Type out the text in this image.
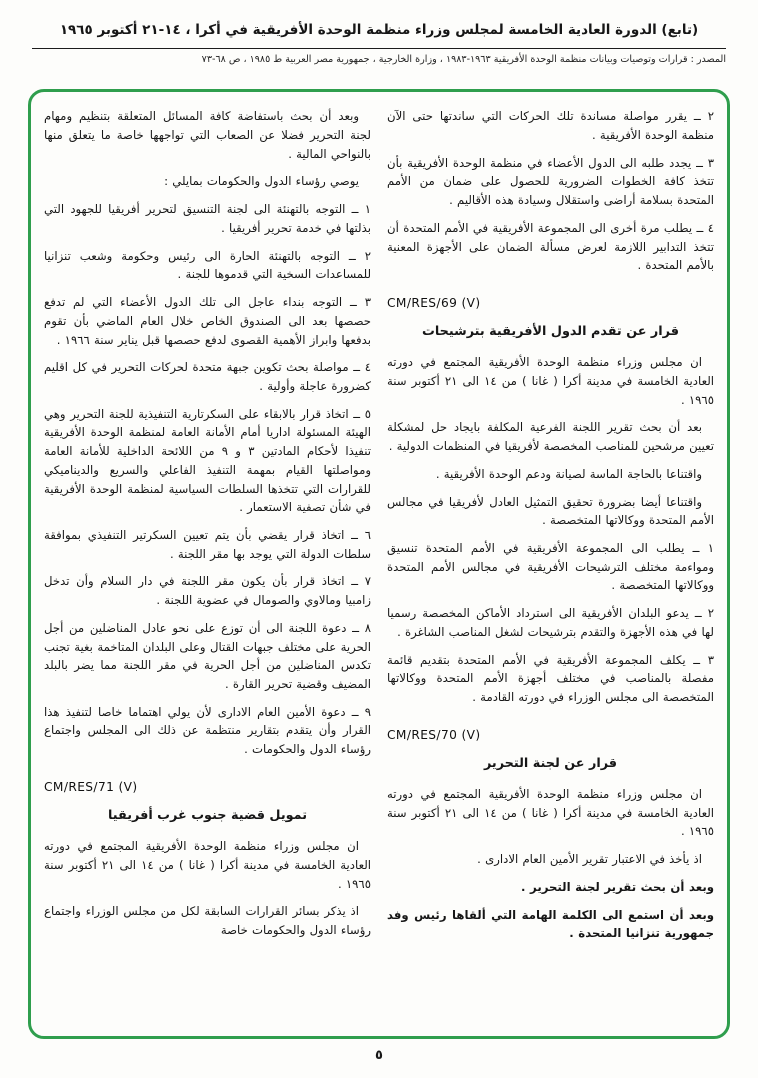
(تابع) الدورة العادية الخامسة لمجلس وزراء منظمة الوحدة الأفريقية في أكرا ، ١٤-٢١ أكتوبر ١٩٦٥
المصدر : قرارات وتوصيات وبيانات منظمة الوحدة الأفريقية ١٩٦٣-١٩٨٣ ، وزارة الخارجية ، جمهورية مصر العربية ط ١٩٨٥ ، ص ٦٨-٧٣
٢ ــ يقرر مواصلة مساندة تلك الحركات التي ساندتها حتى الآن منظمة الوحدة الأفريقية .
٣ ــ يجدد طلبه الى الدول الأعضاء في منظمة الوحدة الأفريقية بأن تتخذ كافة الخطوات الضرورية للحصول على ضمان من الأمم المتحدة بسلامة أراضى واستقلال وسيادة هذه الأقاليم .
٤ ــ يطلب مرة أخرى الى المجموعة الأفريقية في الأمم المتحدة أن تتخذ التدابير اللازمة لعرض مسألة الضمان على الأجهزة المعنية بالأمم المتحدة .
CM/RES/69 (V)
قرار عن تقدم الدول الأفريقية بترشيحات
ان مجلس وزراء منظمة الوحدة الأفريقية المجتمع في دورته العادية الخامسة في مدينة أكرا ( غانا ) من ١٤ الى ٢١ أكتوبر سنة ١٩٦٥ .
بعد أن بحث تقرير اللجنة الفرعية المكلفة بايجاد حل لمشكلة تعيين مرشحين للمناصب المخصصة لأفريقيا في المنظمات الدولية .
واقتناعا بالحاجة الماسة لصيانة ودعم الوحدة الأفريقية .
واقتناعا أيضا بضرورة تحقيق التمثيل العادل لأفريقيا في مجالس الأمم المتحدة ووكالاتها المتخصصة .
١ ــ يطلب الى المجموعة الأفريقية في الأمم المتحدة تنسيق ومواءمة مختلف الترشيحات الأفريقية في مجالس الأمم المتحدة ووكالاتها المتخصصة .
٢ ــ يدعو البلدان الأفريقية الى استرداد الأماكن المخصصة رسميا لها في هذه الأجهزة والتقدم بترشيحات لشغل المناصب الشاغرة .
٣ ــ يكلف المجموعة الأفريقية في الأمم المتحدة بتقديم قائمة مفصلة بالمناصب في مختلف أجهزة الأمم المتحدة ووكالاتها المتخصصة الى مجلس الوزراء في دورته القادمة .
CM/RES/70 (V)
قرار عن لجنة التحرير
ان مجلس وزراء منظمة الوحدة الأفريقية المجتمع في دورته العادية الخامسة في مدينة أكرا ( غانا ) من ١٤ الى ٢١ أكتوبر سنة ١٩٦٥ .
اذ يأخذ في الاعتبار تقرير الأمين العام الادارى .
وبعد أن بحث تقرير لجنة التحرير .
وبعد أن استمع الى الكلمة الهامة التي ألقاها رئيس وفد جمهورية تنزانيا المتحدة .
وبعد أن بحث باستفاضة كافة المسائل المتعلقة بتنظيم ومهام لجنة التحرير فضلا عن الصعاب التي تواجهها خاصة ما يتعلق منها بالنواحي المالية .
يوصي رؤساء الدول والحكومات بمايلي :
١ ــ التوجه بالتهنئة الى لجنة التنسيق لتحرير أفريقيا للجهود التي بذلتها في خدمة تحرير أفريقيا .
٢ ــ التوجه بالتهنئة الحارة الى رئيس وحكومة وشعب تنزانيا للمساعدات السخية التي قدموها للجنة .
٣ ــ التوجه بنداء عاجل الى تلك الدول الأعضاء التي لم تدفع حصصها بعد الى الصندوق الخاص خلال العام الماضي بأن تقوم بدفعها وابراز الأهمية القصوى لدفع حصصها قبل يناير سنة ١٩٦٦ .
٤ ــ مواصلة بحث تكوين جبهة متحدة لحركات التحرير في كل اقليم كضرورة عاجلة وأولية .
٥ ــ اتخاذ قرار بالابقاء على السكرتارية التنفيذية للجنة التحرير وهي الهيئة المسئولة اداريا أمام الأمانة العامة لمنظمة الوحدة الأفريقية تنفيذا لأحكام المادتين ٣ و ٩ من اللائحة الداخلية للأمانة العامة ومواصلتها القيام بمهمة التنفيذ الفاعلي والسريع والديناميكي للقرارات التي تتخذها السلطات السياسية لمنظمة الوحدة الأفريقية في شأن تصفية الاستعمار .
٦ ــ اتخاذ قرار يقضي بأن يتم تعيين السكرتير التنفيذي بموافقة سلطات الدولة التي يوجد بها مقر اللجنة .
٧ ــ اتخاذ قرار بأن يكون مقر اللجنة في دار السلام وأن تدخل زامبيا ومالاوي والصومال في عضوية اللجنة .
٨ ــ دعوة اللجنة الى أن توزع على نحو عادل المناضلين من أجل الحرية على مختلف جبهات القتال وعلى البلدان المتاخمة بغية تجنب تكدس المناضلين من أجل الحرية في مقر اللجنة مما يضر بالبلد المضيف وقضية تحرير القارة .
٩ ــ دعوة الأمين العام الادارى لأن يولي اهتماما خاصا لتنفيذ هذا القرار وأن يتقدم بتقارير منتظمة عن ذلك الى المجلس واجتماع رؤساء الدول والحكومات .
CM/RES/71 (V)
تمويل قضية جنوب غرب أفريقيا
ان مجلس وزراء منظمة الوحدة الأفريقية المجتمع في دورته العادية الخامسة في مدينة أكرا ( غانا ) من ١٤ الى ٢١ أكتوبر سنة ١٩٦٥ .
اذ يذكر بسائر القرارات السابقة لكل من مجلس الوزراء واجتماع رؤساء الدول والحكومات خاصة
٥
